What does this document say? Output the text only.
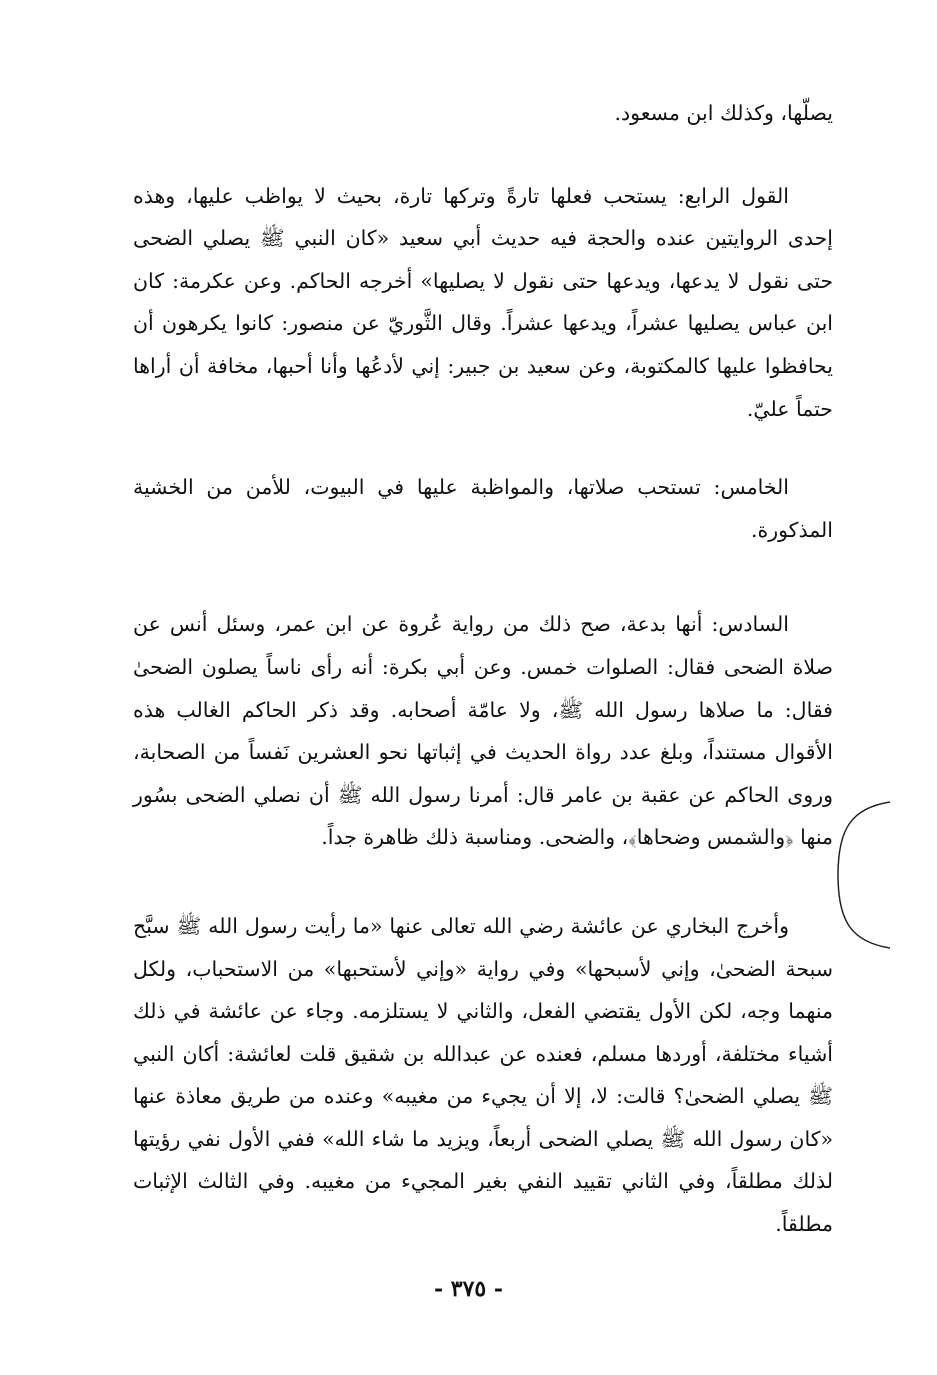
يصلّها، وكذلك ابن مسعود.

القول الرابع: يستحب فعلها تارةً وتركها تارة، بحيث لا يواظب عليها، وهذه إحدى الروايتين عنده والحجة فيه حديث أبي سعيد «كان النبي ﷺ يصلي الضحى حتى نقول لا يدعها، ويدعها حتى نقول لا يصليها» أخرجه الحاكم. وعن عكرمة: كان ابن عباس يصليها عشراً، ويدعها عشراً. وقال الثَّوريّ عن منصور: كانوا يكرهون أن يحافظوا عليها كالمكتوبة، وعن سعيد بن جبير: إني لأدعُها وأنا أحبها، مخافة أن أراها حتماً عليّ.

الخامس: تستحب صلاتها، والمواظبة عليها في البيوت، للأمن من الخشية المذكورة.

السادس: أنها بدعة، صح ذلك من رواية عُروة عن ابن عمر، وسئل أنس عن صلاة الضحى فقال: الصلوات خمس. وعن أبي بكرة: أنه رأى ناساً يصلون الضحىٰ فقال: ما صلاها رسول الله ﷺ، ولا عامّة أصحابه. وقد ذكر الحاكم الغالب هذه الأقوال مستنداً، وبلغ عدد رواة الحديث في إثباتها نحو العشرين نَفساً من الصحابة، وروى الحاكم عن عقبة بن عامر قال: أمرنا رسول الله ﷺ أن نصلي الضحى بسُور منها ﴿والشمس وضحاها﴾، والضحى. ومناسبة ذلك ظاهرة جداً.

وأخرج البخاري عن عائشة رضي الله تعالى عنها «ما رأيت رسول الله ﷺ سبَّح سبحة الضحىٰ، وإني لأسبحها» وفي رواية «وإني لأستحبها» من الاستحباب، ولكل منهما وجه، لكن الأول يقتضي الفعل، والثاني لا يستلزمه. وجاء عن عائشة في ذلك أشياء مختلفة، أوردها مسلم، فعنده عن عبدالله بن شقيق قلت لعائشة: أكان النبي ﷺ يصلي الضحىٰ؟ قالت: لا، إلا أن يجيء من مغيبه» وعنده من طريق معاذة عنها «كان رسول الله ﷺ يصلي الضحى أربعاً، ويزيد ما شاء الله» ففي الأول نفي رؤيتها لذلك مطلقاً، وفي الثاني تقييد النفي بغير المجيء من مغيبه. وفي الثالث الإثبات مطلقاً.

- ٣٧٥ -
